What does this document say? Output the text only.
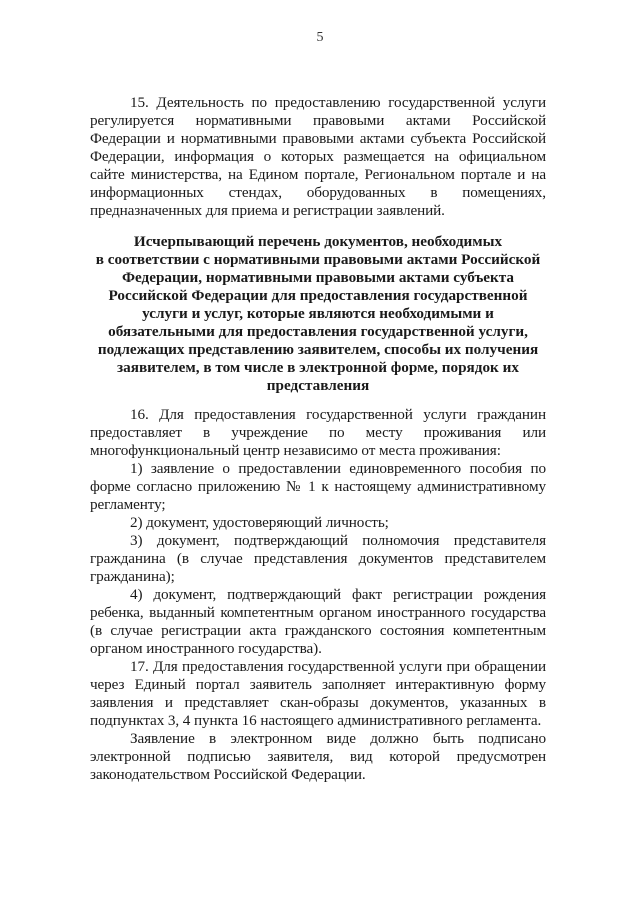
5

15. Деятельность по предоставлению государственной услуги регулируется нормативными правовыми актами Российской Федерации и нормативными правовыми актами субъекта Российской Федерации, информация о которых размещается на официальном сайте министерства, на Едином портале, Региональном портале и на информационных стендах, оборудованных в помещениях, предназначенных для приема и регистрации заявлений.

Исчерпывающий перечень документов, необходимых
в соответствии с нормативными правовыми актами Российской
Федерации, нормативными правовыми актами субъекта
Российской Федерации для предоставления государственной
услуги и услуг, которые являются необходимыми и
обязательными для предоставления государственной услуги,
подлежащих представлению заявителем, способы их получения
заявителем, в том числе в электронной форме, порядок их
представления

16. Для предоставления государственной услуги гражданин предоставляет в учреждение по месту проживания или многофункциональный центр независимо от места проживания:

1) заявление о предоставлении единовременного пособия по форме согласно приложению № 1 к настоящему административному регламенту;

2) документ, удостоверяющий личность;

3) документ, подтверждающий полномочия представителя гражданина (в случае представления документов представителем гражданина);

4) документ, подтверждающий факт регистрации рождения ребенка, выданный компетентным органом иностранного государства (в случае регистрации акта гражданского состояния компетентным органом иностранного государства).

17. Для предоставления государственной услуги при обращении через Единый портал заявитель заполняет интерактивную форму заявления и представляет скан-образы документов, указанных в подпунктах 3, 4 пункта 16 настоящего административного регламента.

Заявление в электронном виде должно быть подписано электронной подписью заявителя, вид которой предусмотрен законодательством Российской Федерации.
